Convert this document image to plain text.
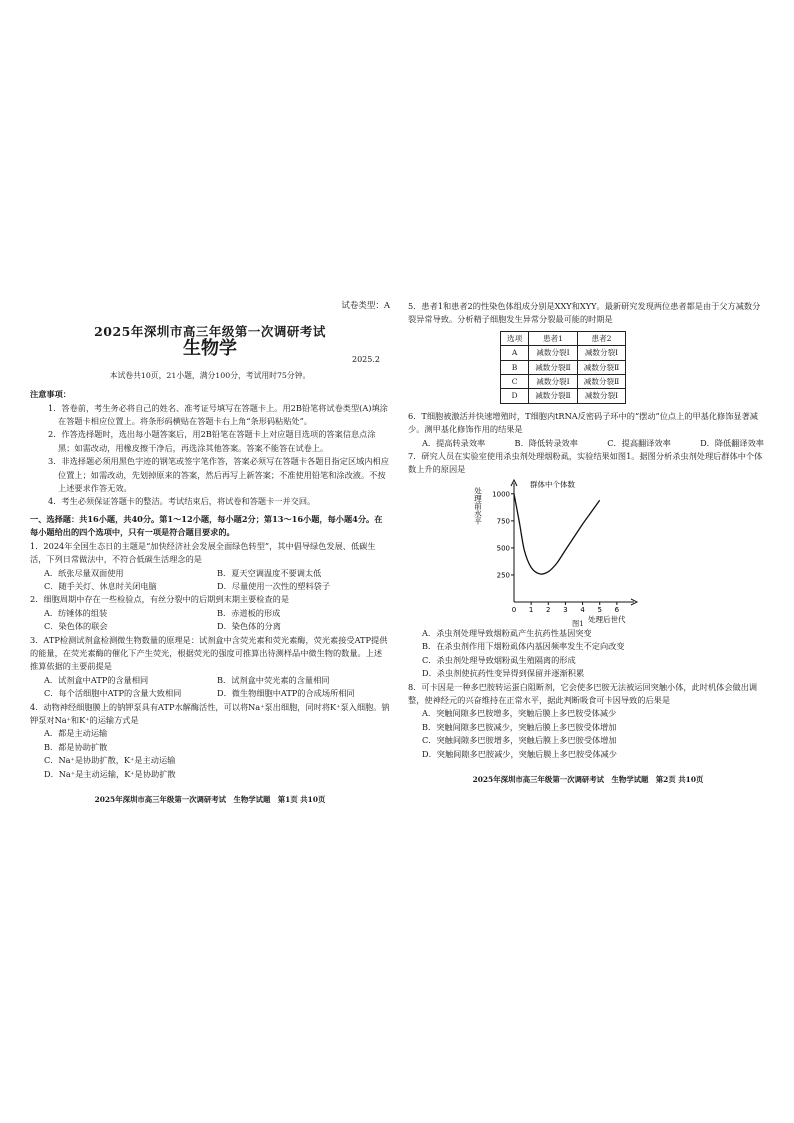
试卷类型：A

2025年深圳市高三年级第一次调研考试

生物学
2025.2
本试卷共10页，21小题，满分100分，考试用时75分钟。

注意事项：

1．答卷前，考生务必将自己的姓名、准考证号填写在答题卡上。用2B铅笔将试卷类型(A)填涂在答题卡相应位置上。将条形码横贴在答题卡右上角“条形码粘贴处”。

2．作答选择题时，选出每小题答案后，用2B铅笔在答题卡上对应题目选项的答案信息点涂黑；如需改动，用橡皮擦干净后，再选涂其他答案。答案不能答在试卷上。

3．非选择题必须用黑色字迹的钢笔或签字笔作答，答案必须写在答题卡各题目指定区域内相应位置上；如需改动，先划掉原来的答案，然后再写上新答案；不准使用铅笔和涂改液。不按上述要求作答无效。

4．考生必须保证答题卡的整洁。考试结束后，将试卷和答题卡一并交回。

一、选择题：共16小题，共40分。第1～12小题，每小题2分；第13～16小题，每小题4分。在每小题给出的四个选项中，只有一项是符合题目要求的。

1．2024年全国生态日的主题是“加快经济社会发展全面绿色转型”，其中倡导绿色发展、低碳生活，下列日常做法中，不符合低碳生活理念的是

A．纸张尽量双面使用	B．夏天空调温度不要调太低
C．随手关灯、休息时关闭电脑	D．尽量使用一次性的塑料袋子

2．细胞周期中存在一些检验点，有丝分裂中的后期到末期主要检查的是

A．纺锤体的组装	B．赤道板的形成
C．染色体的联会	D．染色体的分离

3．ATP检测试剂盒检测微生物数量的原理是：试剂盒中含荧光素和荧光素酶，荧光素接受ATP提供的能量，在荧光素酶的催化下产生荧光，根据荧光的强度可推算出待测样品中微生物的数量。上述推算依据的主要前提是

A．试剂盒中ATP的含量相同	B．试剂盒中荧光素的含量相同
C．每个活细胞中ATP的含量大致相同	D．微生物细胞中ATP的合成场所相同

4．动物神经细胞膜上的钠钾泵具有ATP水解酶活性，可以将Na⁺泵出细胞，同时将K⁺泵入细胞。钠钾泵对Na⁺和K⁺的运输方式是

A．都是主动运输
B．都是协助扩散
C．Na⁺是协助扩散，K⁺是主动运输
D．Na⁺是主动运输，K⁺是协助扩散
2025年深圳市高三年级第一次调研考试　生物学试题　第1页 共10页

5．患者1和患者2的性染色体组成分别是XXY和XYY。最新研究发现两位患者都是由于父方减数分裂异常导致。分析精子细胞发生异常分裂最可能的时期是

选项	患者1	患者2
A	减数分裂Ⅰ	减数分裂Ⅰ
B	减数分裂Ⅱ	减数分裂Ⅱ
C	减数分裂Ⅰ	减数分裂Ⅱ
D	减数分裂Ⅱ	减数分裂Ⅰ

6．T细胞被激活并快速增殖时，T细胞内tRNA反密码子环中的“摆动”位点上的甲基化修饰显著减少。测甲基化修饰作用的结果是

A．提高转录效率	B．降低转录效率	C．提高翻译效率	D．降低翻译效率

7．研究人员在实验室使用杀虫剂处理烟粉虱，实验结果如图1。据图分析杀虫剂处理后群体中个体数上升的原因是

处理前水平
群体中个体数
250
500
750
1000
0 1 2 3 4 5 6
处理后世代
图1
A．杀虫剂处理导致烟粉虱产生抗药性基因突变
B．在杀虫剂作用下烟粉虱体内基因频率发生不定向改变
C．杀虫剂处理导致烟粉虱生殖隔离的形成
D．杀虫剂使抗药性变异得到保留并逐渐积累

8．可卡因是一种多巴胺转运蛋白阻断剂，它会使多巴胺无法被运回突触小体，此时机体会做出调整，使神经元的兴奋维持在正常水平，据此判断吸食可卡因导致的后果是

A．突触间隙多巴胺增多，突触后膜上多巴胺受体减少
B．突触间隙多巴胺减少，突触后膜上多巴胺受体增加
C．突触间隙多巴胺增多，突触后膜上多巴胺受体增加
D．突触间隙多巴胺减少，突触后膜上多巴胺受体减少
2025年深圳市高三年级第一次调研考试　生物学试题　第2页 共10页
